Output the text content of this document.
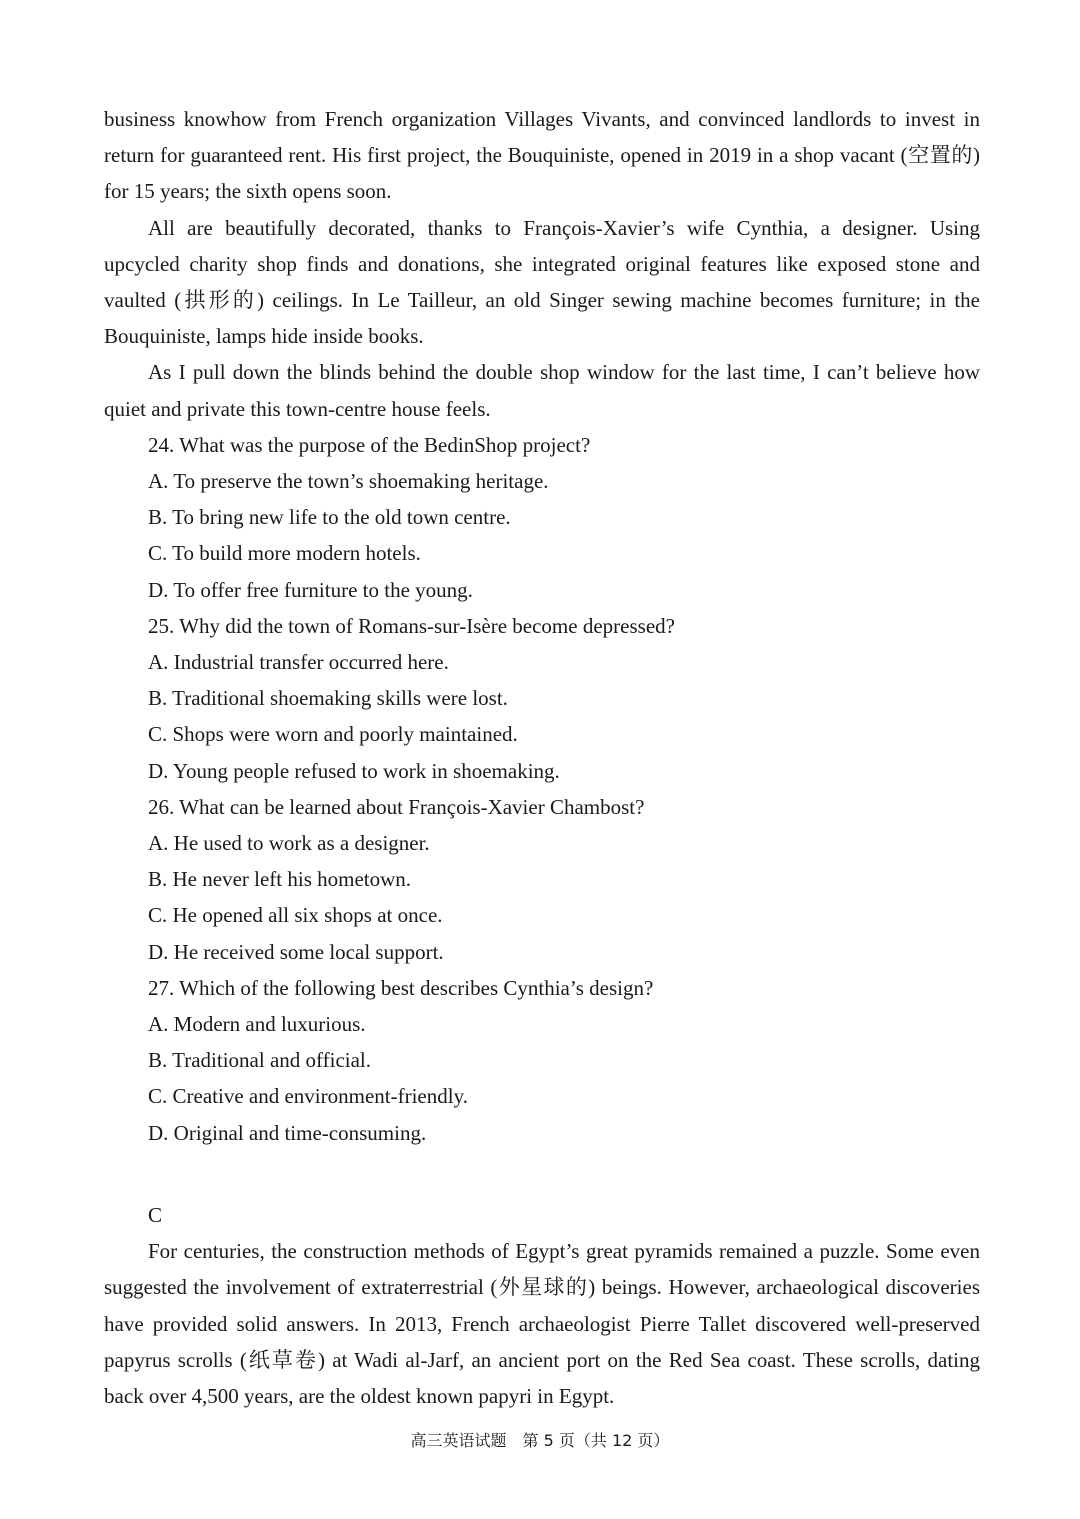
business knowhow from French organization Villages Vivants, and convinced landlords to invest in return for guaranteed rent. His first project, the Bouquiniste, opened in 2019 in a shop vacant (空置的) for 15 years; the sixth opens soon.

All are beautifully decorated, thanks to François-Xavier’s wife Cynthia, a designer. Using upcycled charity shop finds and donations, she integrated original features like exposed stone and vaulted (拱形的) ceilings. In Le Tailleur, an old Singer sewing machine becomes furniture; in the Bouquiniste, lamps hide inside books.

As I pull down the blinds behind the double shop window for the last time, I can’t believe how quiet and private this town-centre house feels.

24. What was the purpose of the BedinShop project?

A. To preserve the town’s shoemaking heritage.

B. To bring new life to the old town centre.

C. To build more modern hotels.

D. To offer free furniture to the young.

25. Why did the town of Romans-sur-Isère become depressed?

A. Industrial transfer occurred here.

B. Traditional shoemaking skills were lost.

C. Shops were worn and poorly maintained.

D. Young people refused to work in shoemaking.

26. What can be learned about François-Xavier Chambost?

A. He used to work as a designer.

B. He never left his hometown.

C. He opened all six shops at once.

D. He received some local support.

27. Which of the following best describes Cynthia’s design?

A. Modern and luxurious.

B. Traditional and official.

C. Creative and environment-friendly.

D. Original and time-consuming.

C

For centuries, the construction methods of Egypt’s great pyramids remained a puzzle. Some even suggested the involvement of extraterrestrial (外星球的) beings. However, archaeological discoveries have provided solid answers. In 2013, French archaeologist Pierre Tallet discovered well-preserved papyrus scrolls (纸草卷) at Wadi al-Jarf, an ancient port on the Red Sea coast. These scrolls, dating back over 4,500 years, are the oldest known papyri in Egypt.

高三英语试题　第 5 页（共 12 页）
